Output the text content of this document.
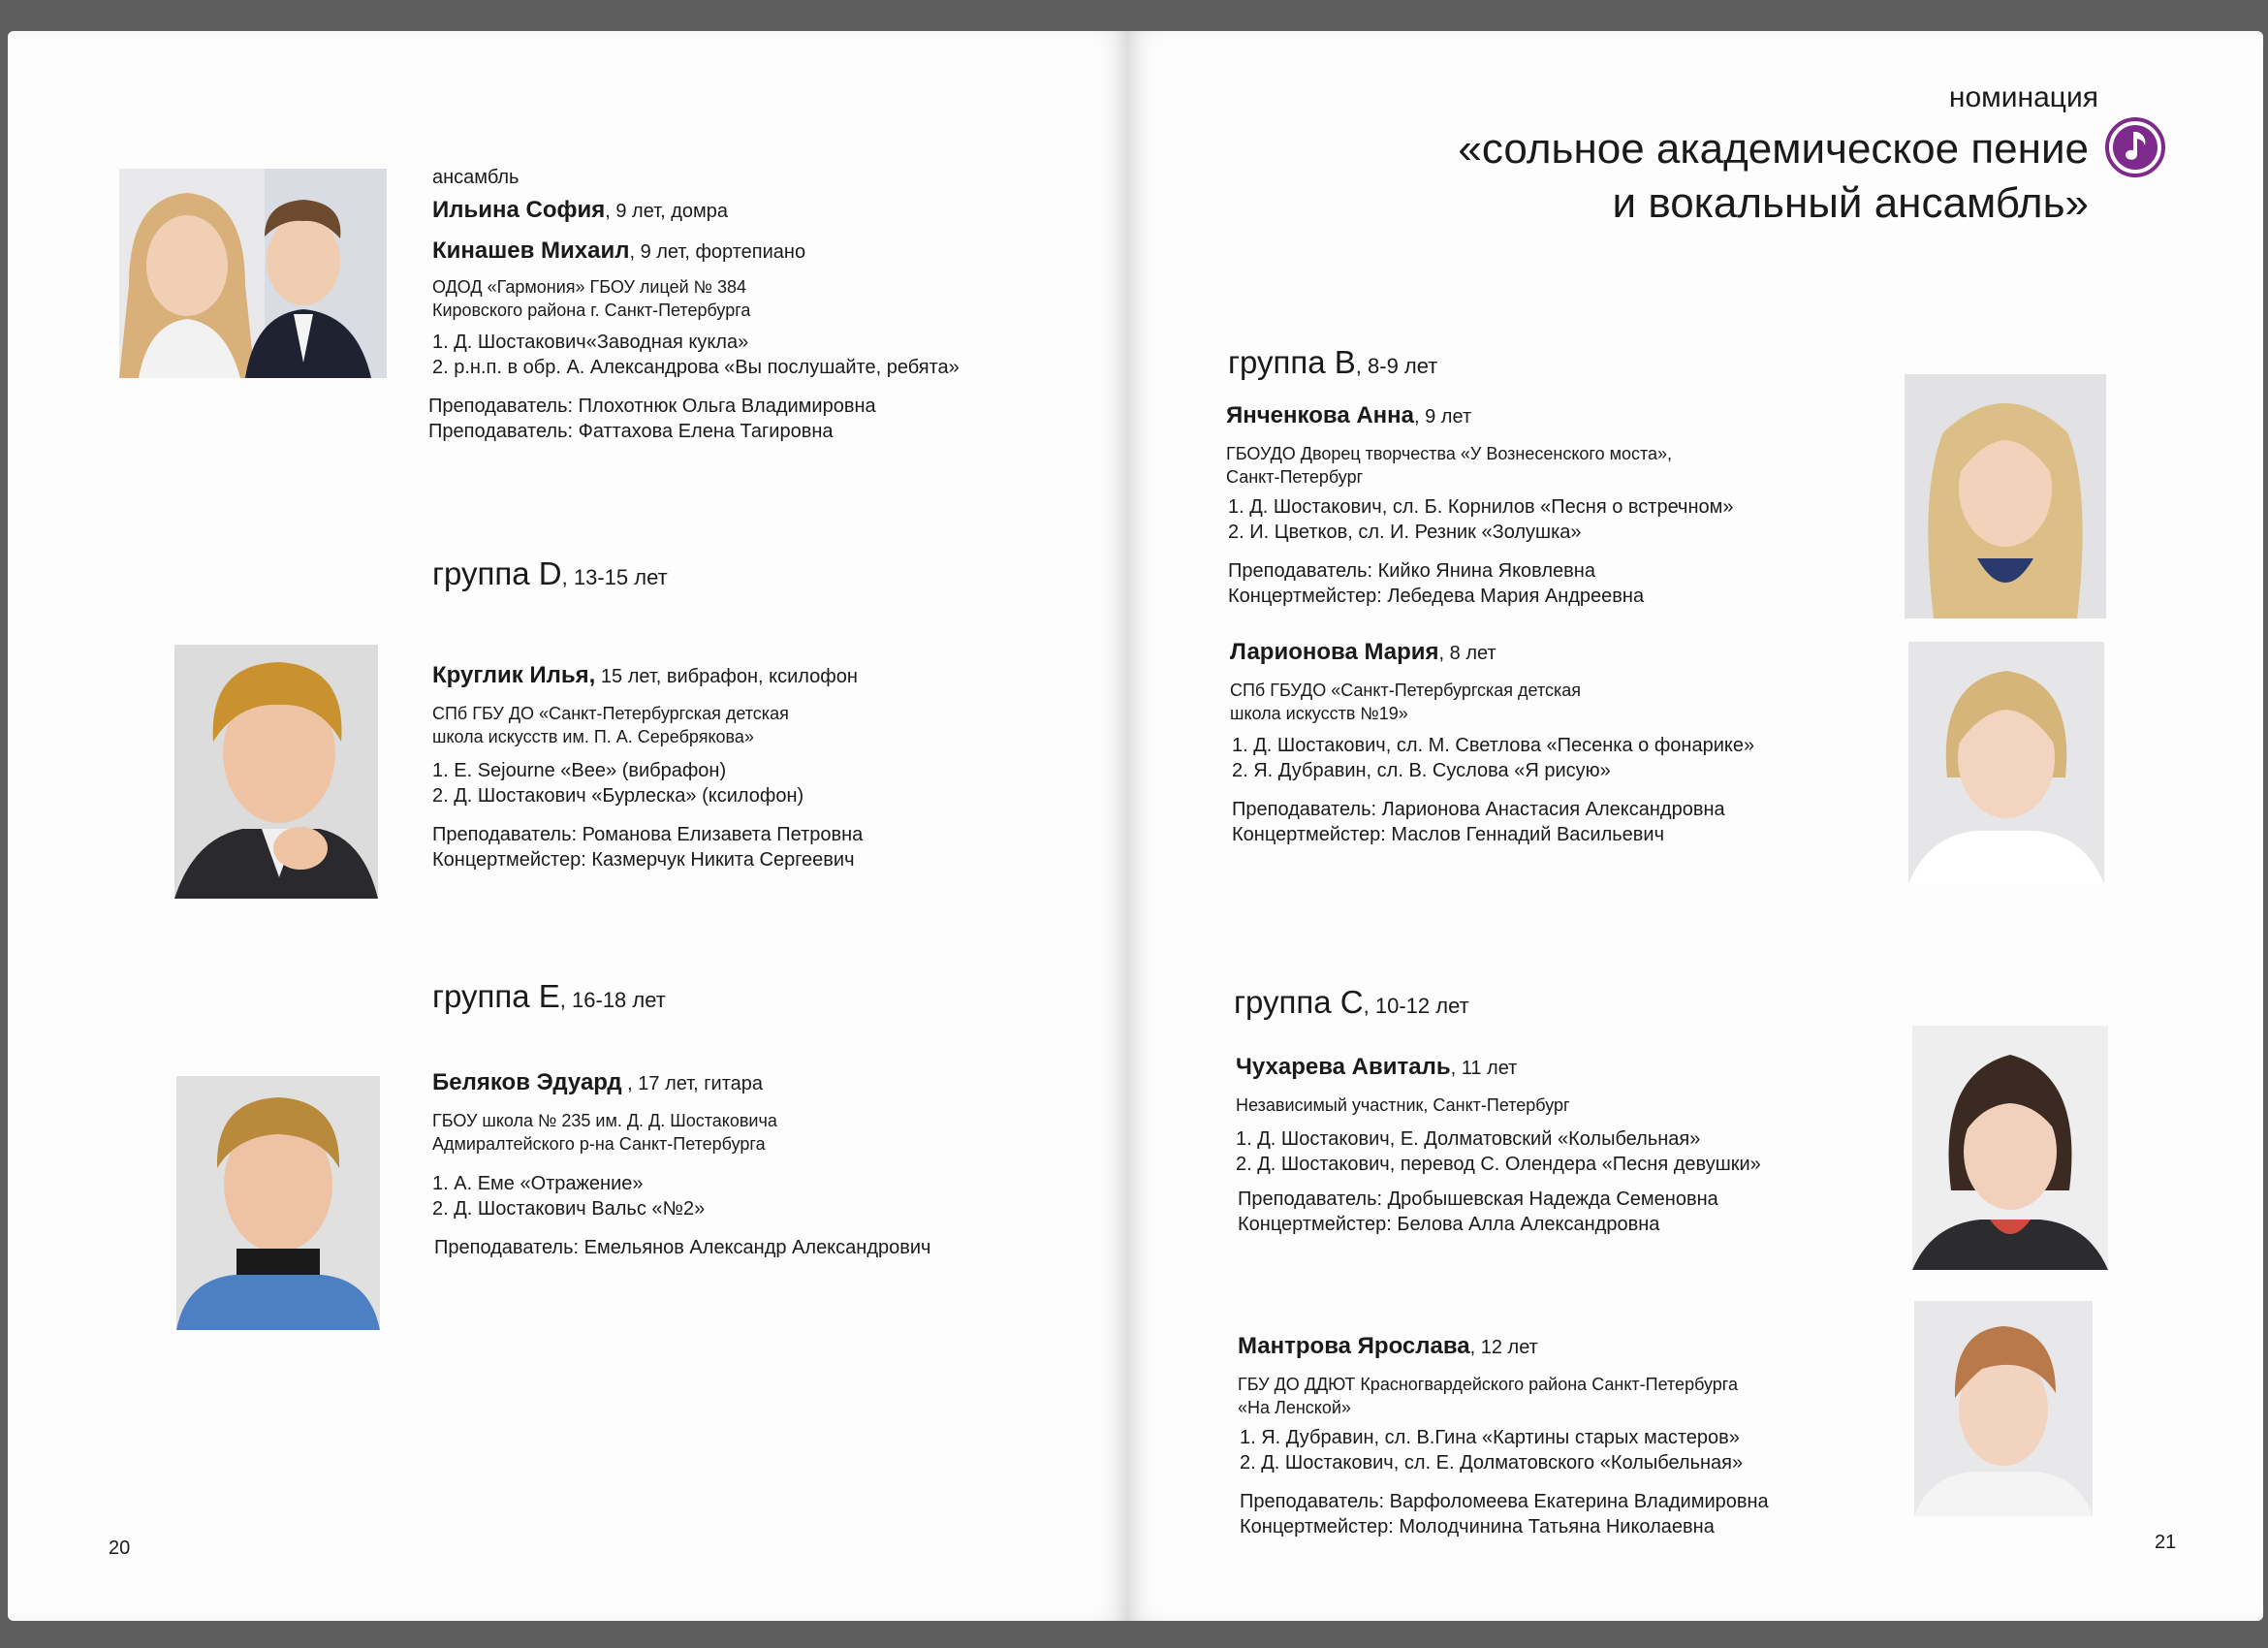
ансамбль
Ильина София, 9 лет, домра
Кинашев Михаил, 9 лет, фортепиано
ОДОД «Гармония» ГБОУ лицей № 384
Кировского района г. Санкт-Петербурга
1. Д. Шостакович«Заводная кукла»
2. р.н.п. в обр. А. Александрова «Вы послушайте, ребята»
Преподаватель: Плохотнюк Ольга Владимировна
Преподаватель: Фаттахова Елена Тагировна
группа D, 13-15 лет
Круглик Илья, 15 лет, вибрафон, ксилофон
СПб ГБУ ДО «Санкт-Петербургская детская
школа искусств им. П. А. Серебрякова»
1. E. Sejourne «Bee» (вибрафон)
2. Д. Шостакович «Бурлеска» (ксилофон)
Преподаватель: Романова Елизавета Петровна
Концертмейстер: Казмерчук Никита Сергеевич
группа Е, 16-18 лет
Беляков Эдуард , 17 лет, гитара
ГБОУ школа № 235 им. Д. Д. Шостаковича
Адмиралтейского р-на Санкт-Петербурга
1. А. Еме «Отражение»
2. Д. Шостакович Вальс «№2»
Преподаватель: Емельянов Александр Александрович
20
номинация
«сольное академическое пение
и вокальный ансамбль»
группа В, 8-9 лет
Янченкова Анна, 9 лет
ГБОУДО Дворец творчества «У Вознесенского моста»,
Санкт-Петербург
1. Д. Шостакович, сл. Б. Корнилов «Песня о встречном»
2. И. Цветков, сл. И. Резник «Золушка»
Преподаватель: Кийко Янина Яковлевна
Концертмейстер: Лебедева Мария Андреевна
Ларионова Мария, 8 лет
СПб ГБУДО «Санкт-Петербургская детская
школа искусств №19»
1. Д. Шостакович, сл. М. Светлова «Песенка о фонарике»
2. Я. Дубравин, сл. В. Суслова «Я рисую»
Преподаватель: Ларионова Анастасия Александровна
Концертмейстер: Маслов Геннадий Васильевич
группа С, 10-12 лет
Чухарева Авиталь, 11 лет
Независимый участник, Санкт-Петербург
1. Д. Шостакович, Е. Долматовский «Колыбельная»
2. Д. Шостакович, перевод С. Олендера «Песня девушки»
Преподаватель: Дробышевская Надежда Семеновна
Концертмейстер: Белова Алла Александровна
Мантрова Ярослава, 12 лет
ГБУ ДО ДДЮТ Красногвардейского района Санкт-Петербурга
«На Ленской»
1. Я. Дубравин, сл. В.Гина «Картины старых мастеров»
2. Д. Шостакович, сл. Е. Долматовского «Колыбельная»
Преподаватель: Варфоломеева Екатерина Владимировна
Концертмейстер: Молодчинина Татьяна Николаевна
21
